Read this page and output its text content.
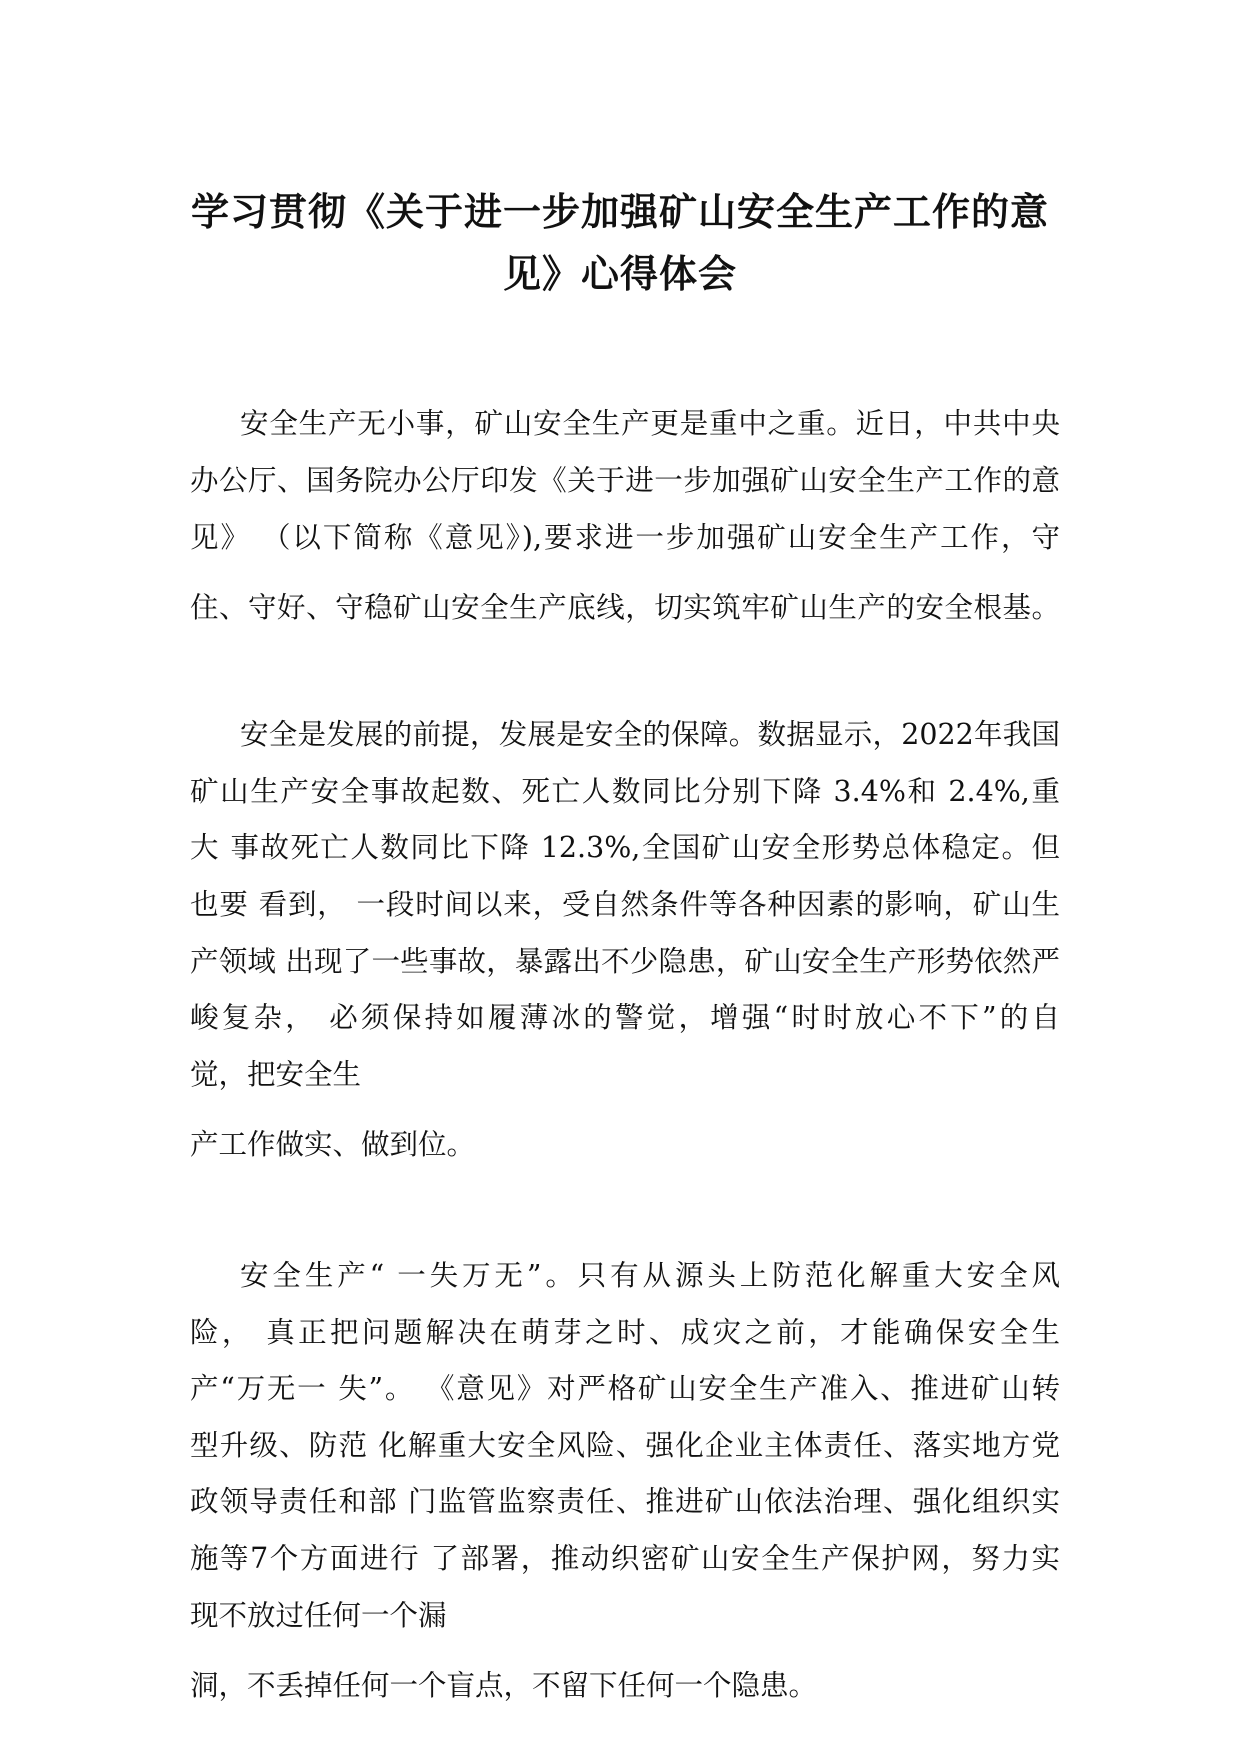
学习贯彻《关于进一步加强矿山安全生产工作的意
见》心得体会
安全生产无小事，矿山安全生产更是重中之重。近日，中共中央
办公厅、国务院办公厅印发《关于进一步加强矿山安全生产工作的意
见》 （以下简称《意见》),要求进一步加强矿山安全生产工作，守
住、守好、守稳矿山安全生产底线，切实筑牢矿山生产的安全根基。
安全是发展的前提，发展是安全的保障。数据显示，2022年我国
矿山生产安全事故起数、死亡人数同比分别下降 3.4%和 2.4%,重
大 事故死亡人数同比下降 12.3%,全国矿山安全形势总体稳定。但
也要 看到， 一段时间以来，受自然条件等各种因素的影响，矿山生
产领域 出现了一些事故，暴露出不少隐患，矿山安全生产形势依然严
峻复杂， 必须保持如履薄冰的警觉，增强“时时放心不下”的自
觉，把安全生
产工作做实、做到位。
安全生产“ 一失万无”。只有从源头上防范化解重大安全风
险， 真正把问题解决在萌芽之时、成灾之前，才能确保安全生
产“万无一 失”。 《意见》对严格矿山安全生产准入、推进矿山转
型升级、防范 化解重大安全风险、强化企业主体责任、落实地方党
政领导责任和部 门监管监察责任、推进矿山依法治理、强化组织实
施等7个方面进行 了部署，推动织密矿山安全生产保护网，努力实
现不放过任何一个漏
洞，不丢掉任何一个盲点，不留下任何一个隐患。
